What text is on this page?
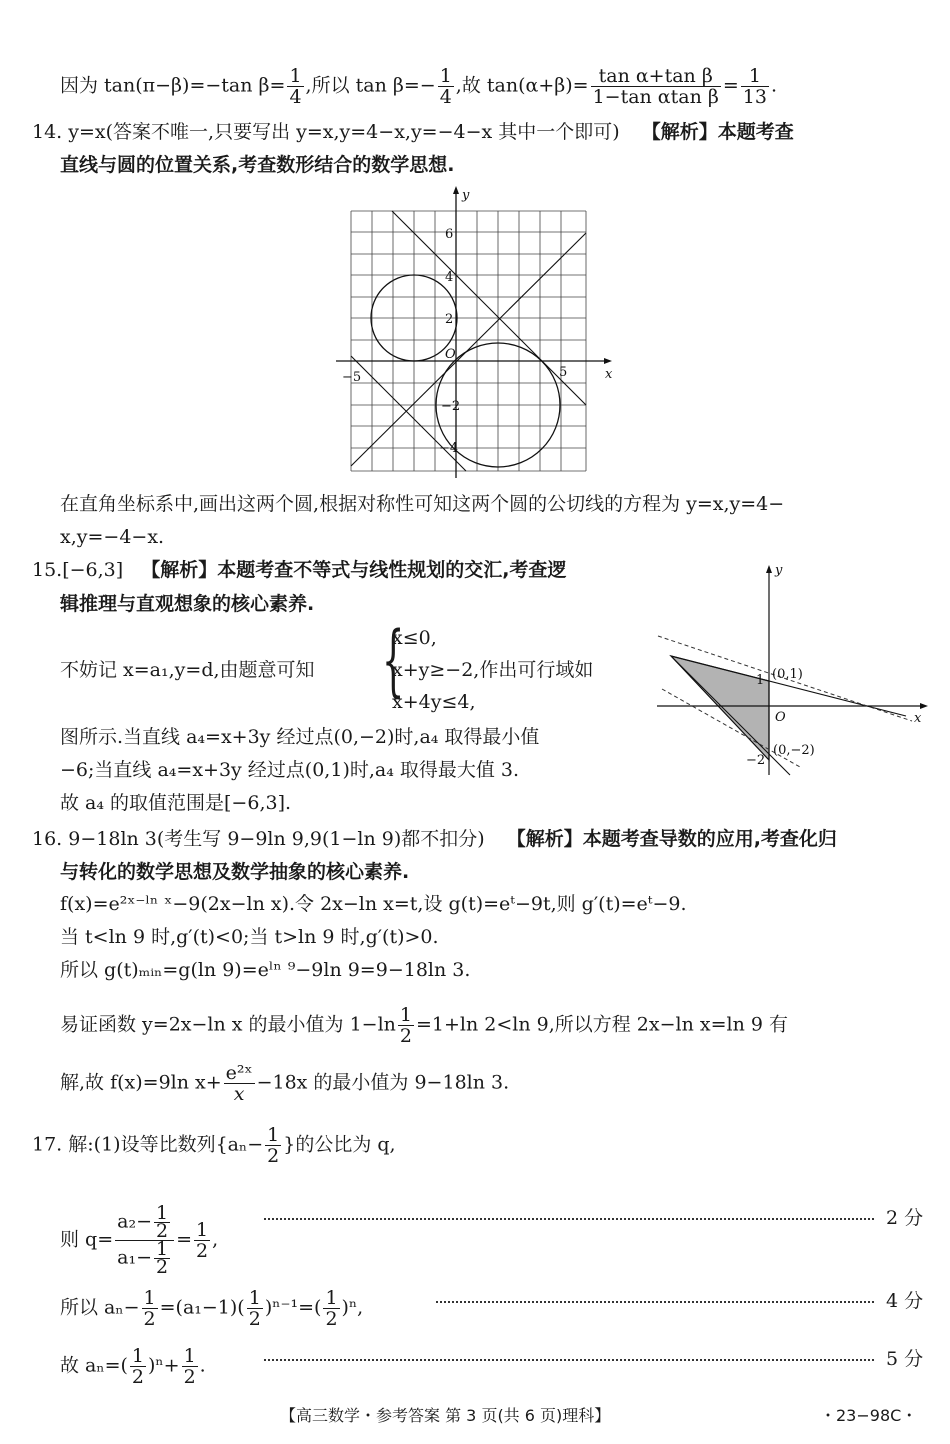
因为 tan(π−β)=−tan $\beta= \frac{1}{4}$ ,所以 $\tan \beta=- \frac{1}{4}$ ,故 $\tan(\alpha+\beta)= \frac{\text{tan α+tan β}}{\text{1−tan αtan β}} = \frac{1}{13}$ .
14. y=x(答案不唯一,只要写出 y=x,y=4−x,y=−4−x 其中一个即可) 【解析】本题考查
直线与圆的位置关系,考查数形结合的数学思想.
y
x
O
6
4
2
−2
−4
−5	5
在直角坐标系中,画出这两个圆,根据对称性可知这两个圆的公切线的方程为 y=x,y=4−
x,y=−4−x.
15.[−6,3] 【解析】本题考查不等式与线性规划的交汇,考查逻
辑推理与直观想象的核心素养.
不妨记 x=a₁,y=d,由题意可知 {
x≤0,
x+y≥−2,作出可行域如
x+4y≤4,
图所示.当直线 a₄=x+3y 经过点(0,−2)时,a₄ 取得最小值
−6;当直线 a₄=x+3y 经过点(0,1)时,a₄ 取得最大值 3.
故 a₄ 的取值范围是[−6,3].
y
x
O
(0,1)
1
(0,−2)
−2
16. 9−18ln 3(考生写 9−9ln 9,9(1−ln 9)都不扣分) 【解析】本题考查导数的应用,考查化归
与转化的数学思想及数学抽象的核心素养.
f(x)=e²ˣ⁻ˡⁿ ˣ−9(2x−ln x).令 2x−ln x=t,设 g(t)=eᵗ−9t,则 g′(t)=eᵗ−9.
当 t<ln 9 时,g′(t)<0;当 t>ln 9 时,g′(t)>0.
所以 g(t)ₘᵢₙ=g(ln 9)=eˡⁿ ⁹−9ln 9=9−18ln 3.
易证函数 y=2x−ln x 的最小值为 $1-\ln \frac{1}{2} =1+\ln$ 2<ln 9,所以方程 2x−ln x=ln 9 有
解,故 f(x)=9ln $x+ \frac{\text{e²ˣ}}{x} -18x$ 的最小值为 9−18ln 3.
17. 解:(1)设等比数列{$a_n- \frac{1}{2}$ }的公比为 q,
则 $q= \frac{a_2- \frac{1}{2}}{a_1- \frac{1}{2}} = \frac{1}{2}$ ,
2 分
所以 $a_n- \frac{1}{2} =(a_1-1)( \frac{1}{2} )^{n-1}=( \frac{1}{2} )^n$,	4 分
故 $a_n=( \frac{1}{2} )^n+ \frac{1}{2}$ .	5 分
【高三数学・参考答案 第 3 页(共 6 页)理科】	・23−98C・
